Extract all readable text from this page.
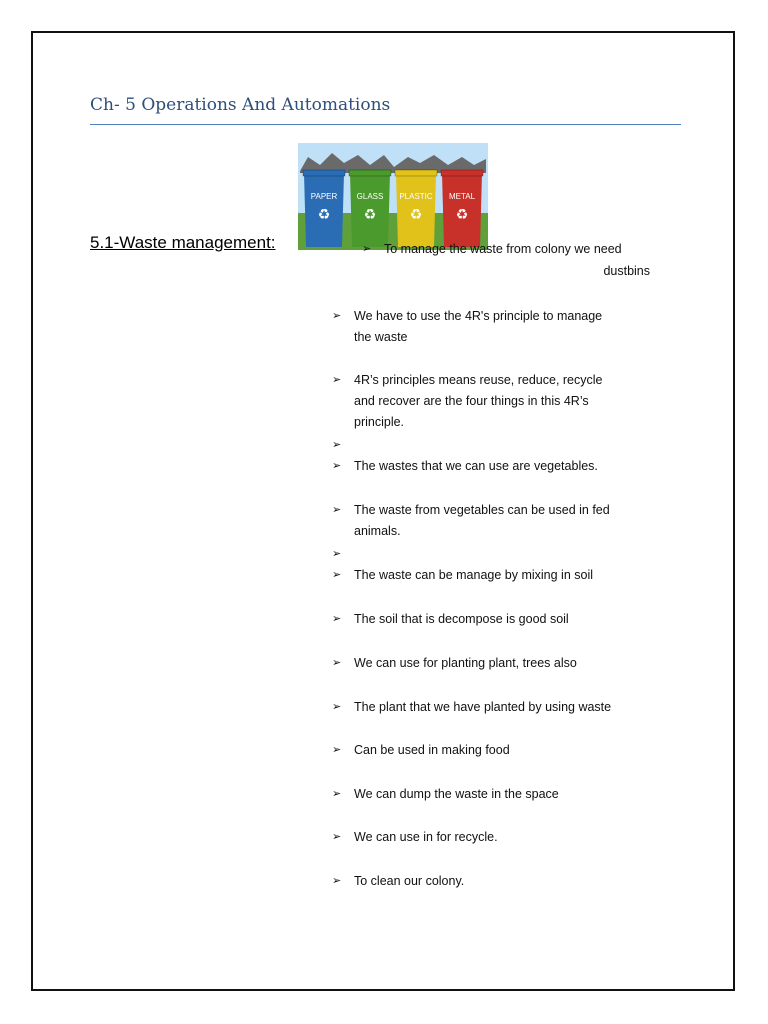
Ch- 5 Operations And Automations
PAPER
♻
GLASS
♻
PLASTIC
♻
METAL
♻
5.1-Waste management:	➢ To manage the waste from colony we need
dustbins
➢ We have to use the 4R's principle to manage
the waste
➢ 4R’s principles means reuse, reduce, recycle
and recover are the four things in this 4R’s
principle.
➢
➢ The wastes that we can use are vegetables.
➢ The waste from vegetables can be used in fed
animals.
➢
➢ The waste can be manage by mixing in soil
➢ The soil that is decompose is good soil
➢ We can use for planting plant, trees also
➢ The plant that we have planted by using waste
➢ Can be used in making food
➢ We can dump the waste in the space
➢ We can use in for recycle.
➢ To clean our colony.
